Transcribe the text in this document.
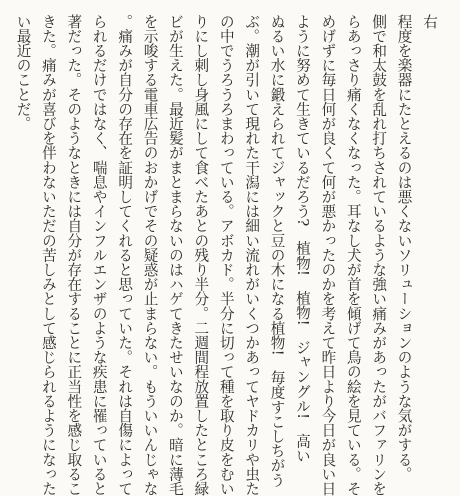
右
程度を楽器にたとえるのは悪くないソリューションのような気がする。
側で和太鼓を乱れ打ちされているような強い痛みがあったがバファリンを
らあっさり痛くなくなった。耳なし犬が首を傾げて鳥の絵を見ている。そ
めげずに毎日何が良くて何が悪かったのかを考えて昨日より今日が良い日
ように努めて生きているだろう?　植物!　植物!　ジャングル!　高い
ぬるい水に鍛えられてジャックと豆の木になる植物!　毎度すこしちがう
ぶ。潮が引いて現れた干潟には細い流れがいくつかあってヤドカリや虫た
の中でうろうろまわっている。アボカド。半分に切って種を取り皮をむい
りにし刺し身風にして食べたあとの残り半分。二週間程放置したところ緑
ビが生えた。最近髪がまとまらないのはハゲてきたせいなのか。暗に薄毛
を示唆する電車広告のおかげでその疑惑が止まらない。もういいんじゃな
。痛みが自分の存在を証明してくれると思っていた。それは自傷によって
られるだけではなく、喘息やインフルエンザのような疾患に罹っていると
著だった。そのようなときには自分が存在することに正当性を感じ取るこ
きた。痛みが喜びを伴わないただの苦しみとして感じられるようになった
い最近のことだ。
